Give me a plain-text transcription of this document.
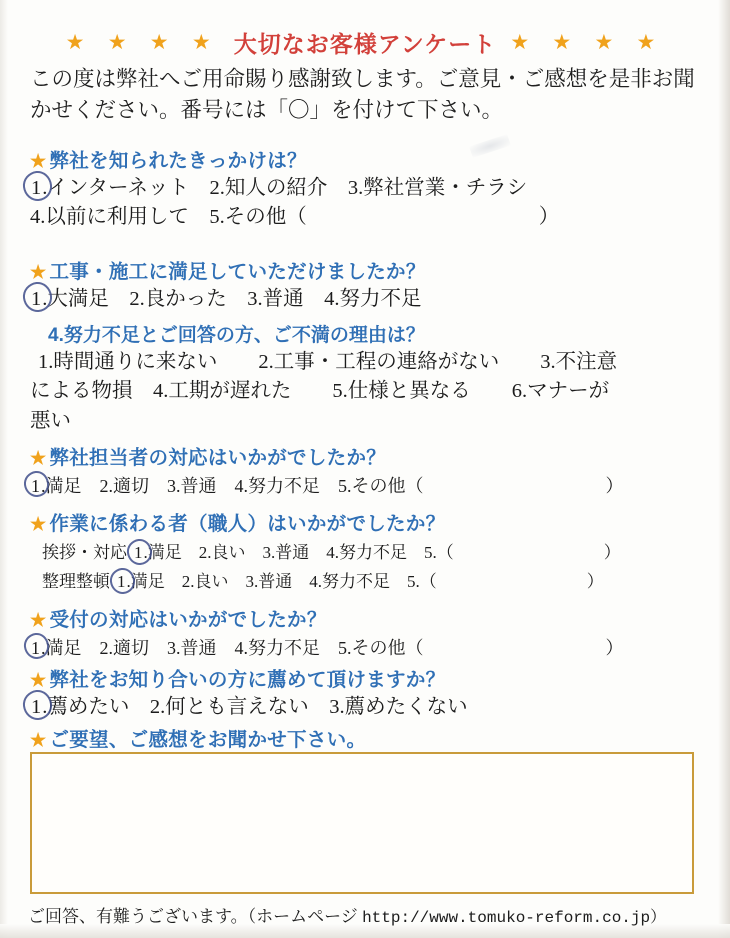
★ ★ ★ ★ 大切なお客様アンケート ★ ★ ★ ★
この度は弊社へご用命賜り感謝致します。ご意見・ご感想を是非お聞かせください。番号には「〇」を付けて下さい。
★ 弊社を知られたきっかけは？
1.インターネット　2.知人の紹介　3.弊社営業・チラシ
4.以前に利用して　5.その他（	）
★ 工事・施工に満足していただけましたか？
1.大満足　2.良かった　3.普通　4.努力不足
4.努力不足とご回答の方、ご不満の理由は？
1.時間通りに来ない　　2.工事・工程の連絡がない　　3.不注意
による物損　4.工期が遅れた　　5.仕様と異なる　　6.マナーが
悪い
★ 弊社担当者の対応はいかがでしたか？
1.満足　2.適切　3.普通　4.努力不足　5.その他（	）
★ 作業に係わる者（職人）はいかがでしたか？
挨拶・対応 1.満足　2.良い　3.普通　4.努力不足　5.（	）
整理整頓 1.満足　2.良い　3.普通　4.努力不足　5.（	）
★ 受付の対応はいかがでしたか？
1.満足　2.適切　3.普通　4.努力不足　5.その他（	）
★ 弊社をお知り合いの方に薦めて頂けますか？
1.薦めたい　2.何とも言えない　3.薦めたくない
★ ご要望、ご感想をお聞かせ下さい。
ご回答、有難うございます。（ホームページ http://www.tomuko-reform.co.jp）
